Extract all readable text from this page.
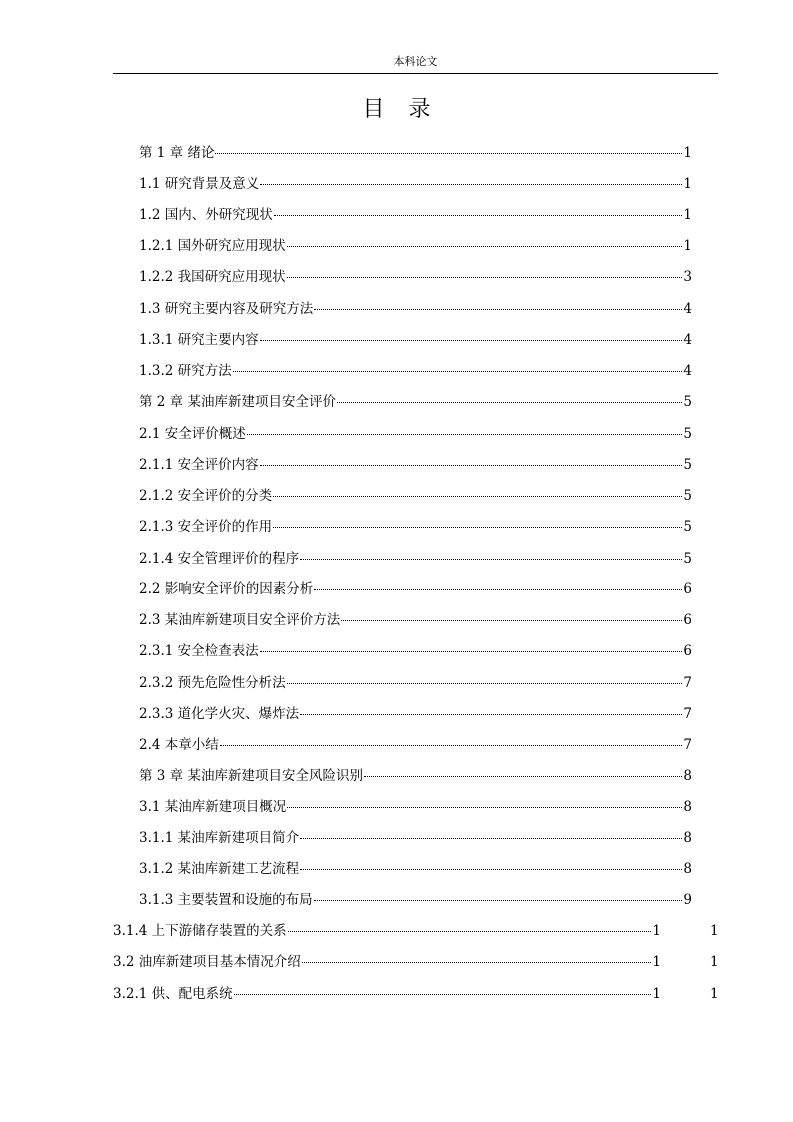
本科论文
目录
第 1 章 绪论	1
1.1 研究背景及意义	1
1.2 国内、外研究现状	1
1.2.1 国外研究应用现状	1
1.2.2 我国研究应用现状	3
1.3 研究主要内容及研究方法	4
1.3.1 研究主要内容	4
1.3.2 研究方法	4
第 2 章 某油库新建项目安全评价	5
2.1 安全评价概述	5
2.1.1 安全评价内容	5
2.1.2 安全评价的分类	5
2.1.3 安全评价的作用	5
2.1.4 安全管理评价的程序	5
2.2 影响安全评价的因素分析	6
2.3 某油库新建项目安全评价方法	6
2.3.1 安全检查表法	6
2.3.2 预先危险性分析法	7
2.3.3 道化学火灾、爆炸法	7
2.4 本章小结	7
第 3 章 某油库新建项目安全风险识别	8
3.1 某油库新建项目概况	8
3.1.1 某油库新建项目简介	8
3.1.2 某油库新建工艺流程	8
3.1.3 主要装置和设施的布局	9
3.1.4 上下游储存装置的关系	1	1
3.2 油库新建项目基本情况介绍	1	1
3.2.1 供、配电系统	1	1
